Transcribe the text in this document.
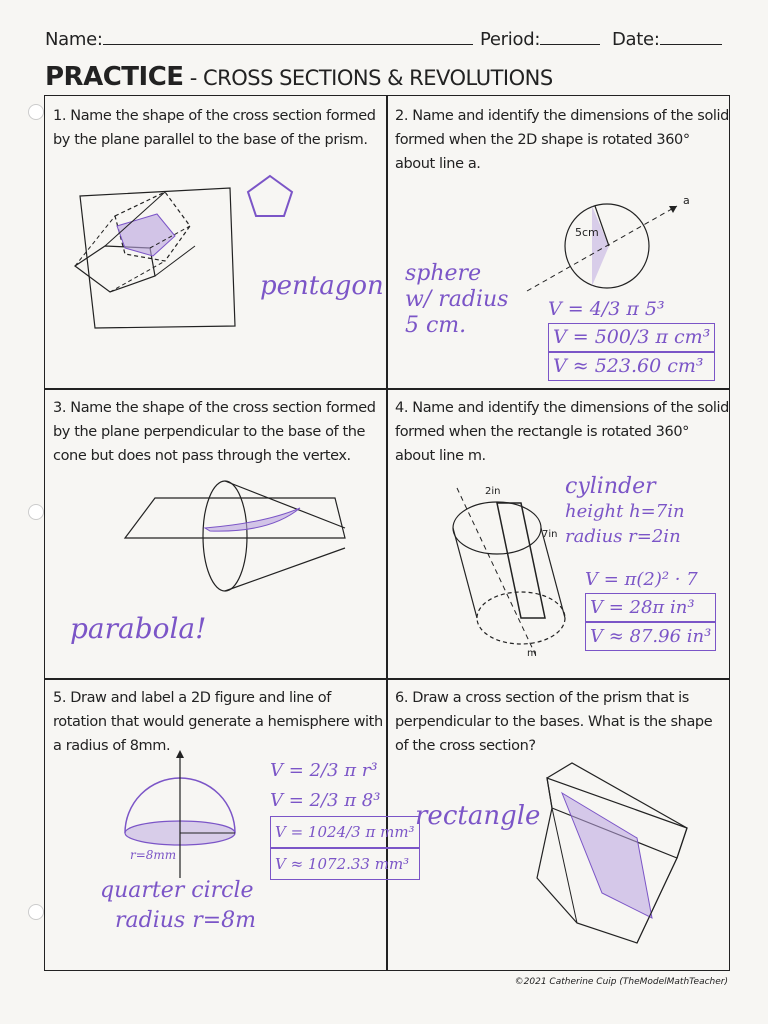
Name:	Period:	Date:
PRACTICE - CROSS SECTIONS & REVOLUTIONS
1. Name the shape of the cross section formed by the plane parallel to the base of the prism.
pentagon
2. Name and identify the dimensions of the solid formed when the 2D shape is rotated 360° about line a.
5cm
a
sphere
w/ radius
5 cm.
V = 4/3 π 5³
V = 500/3 π cm³
V ≈ 523.60 cm³
3. Name the shape of the cross section formed by the plane perpendicular to the base of the cone but does not pass through the vertex.
parabola!
4. Name and identify the dimensions of the solid formed when the rectangle is rotated 360° about line m.
2in
7in
m
cylinder
height h=7in
radius r=2in
V = π(2)² · 7
V = 28π in³
V ≈ 87.96 in³
5. Draw and label a 2D figure and line of rotation that would generate a hemisphere with a radius of 8mm.
r=8mm
quarter circle
radius r=8m
V = 2/3 π r³
V = 2/3 π 8³
V = 1024/3 π mm³
V ≈ 1072.33 mm³
6. Draw a cross section of the prism that is perpendicular to the bases. What is the shape of the cross section?
rectangle
©2021 Catherine Cuip (TheModelMathTeacher)
